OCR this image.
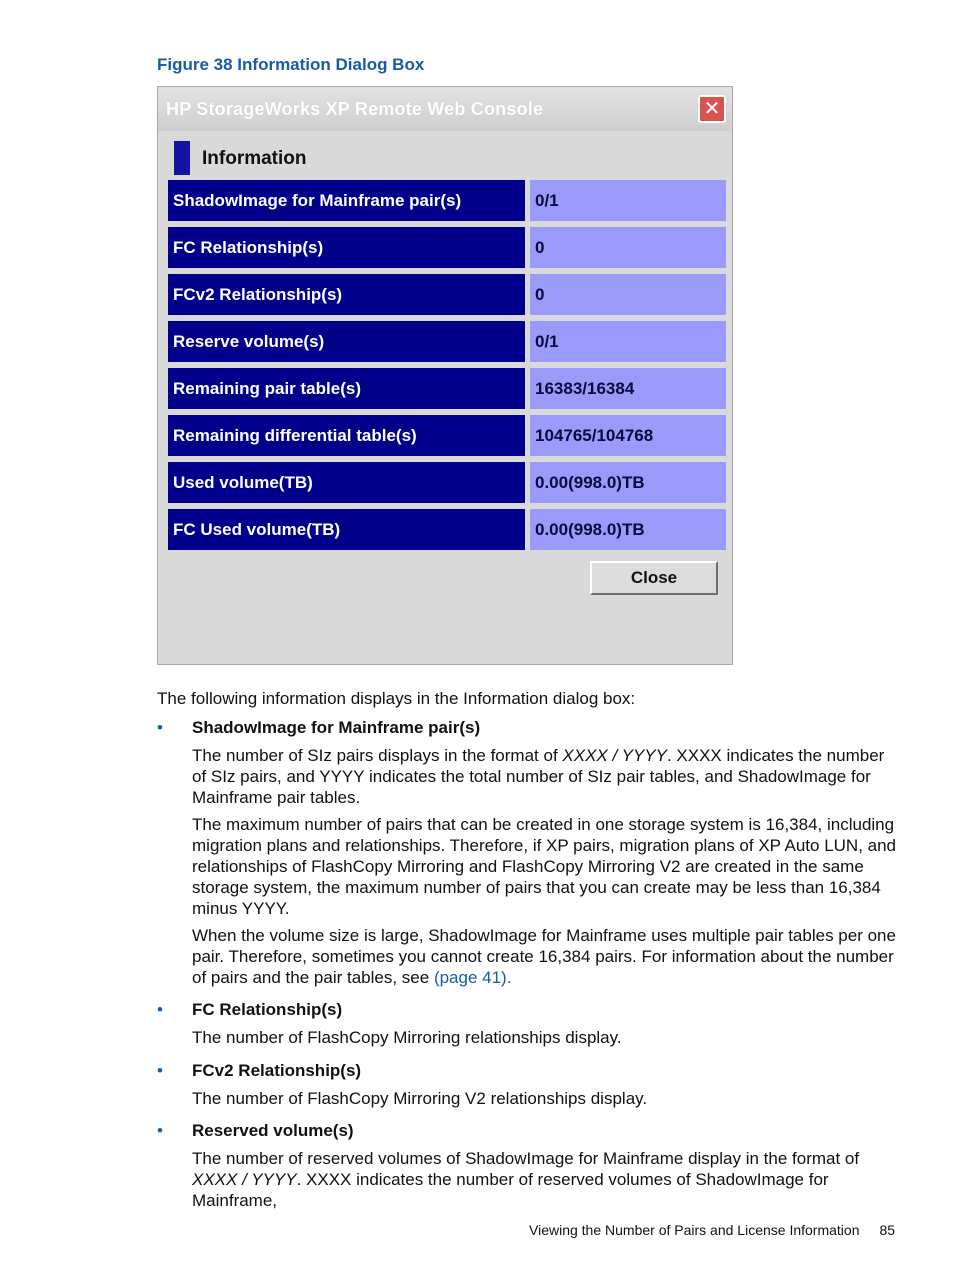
Figure 38 Information Dialog Box
HP StorageWorks XP Remote Web Console	✕
Information
ShadowImage for Mainframe pair(s)	0/1
FC Relationship(s)	0
FCv2 Relationship(s)	0
Reserve volume(s)	0/1
Remaining pair table(s)	16383/16384
Remaining differential table(s)	104765/104768
Used volume(TB)	0.00(998.0)TB
FC Used volume(TB)	0.00(998.0)TB
Close
The following information displays in the Information dialog box:
• ShadowImage for Mainframe pair(s)
The number of SIz pairs displays in the format of XXXX / YYYY. XXXX indicates the number of SIz pairs, and YYYY indicates the total number of SIz pair tables, and ShadowImage for Mainframe pair tables.
The maximum number of pairs that can be created in one storage system is 16,384, including migration plans and relationships. Therefore, if XP pairs, migration plans of XP Auto LUN, and relationships of FlashCopy Mirroring and FlashCopy Mirroring V2 are created in the same storage system, the maximum number of pairs that you can create may be less than 16,384 minus YYYY.
When the volume size is large, ShadowImage for Mainframe uses multiple pair tables per one pair. Therefore, sometimes you cannot create 16,384 pairs. For information about the number of pairs and the pair tables, see (page 41).
• FC Relationship(s)
The number of FlashCopy Mirroring relationships display.
• FCv2 Relationship(s)
The number of FlashCopy Mirroring V2 relationships display.
• Reserved volume(s)
The number of reserved volumes of ShadowImage for Mainframe display in the format of XXXX / YYYY. XXXX indicates the number of reserved volumes of ShadowImage for Mainframe,
Viewing the Number of Pairs and License Information 85
